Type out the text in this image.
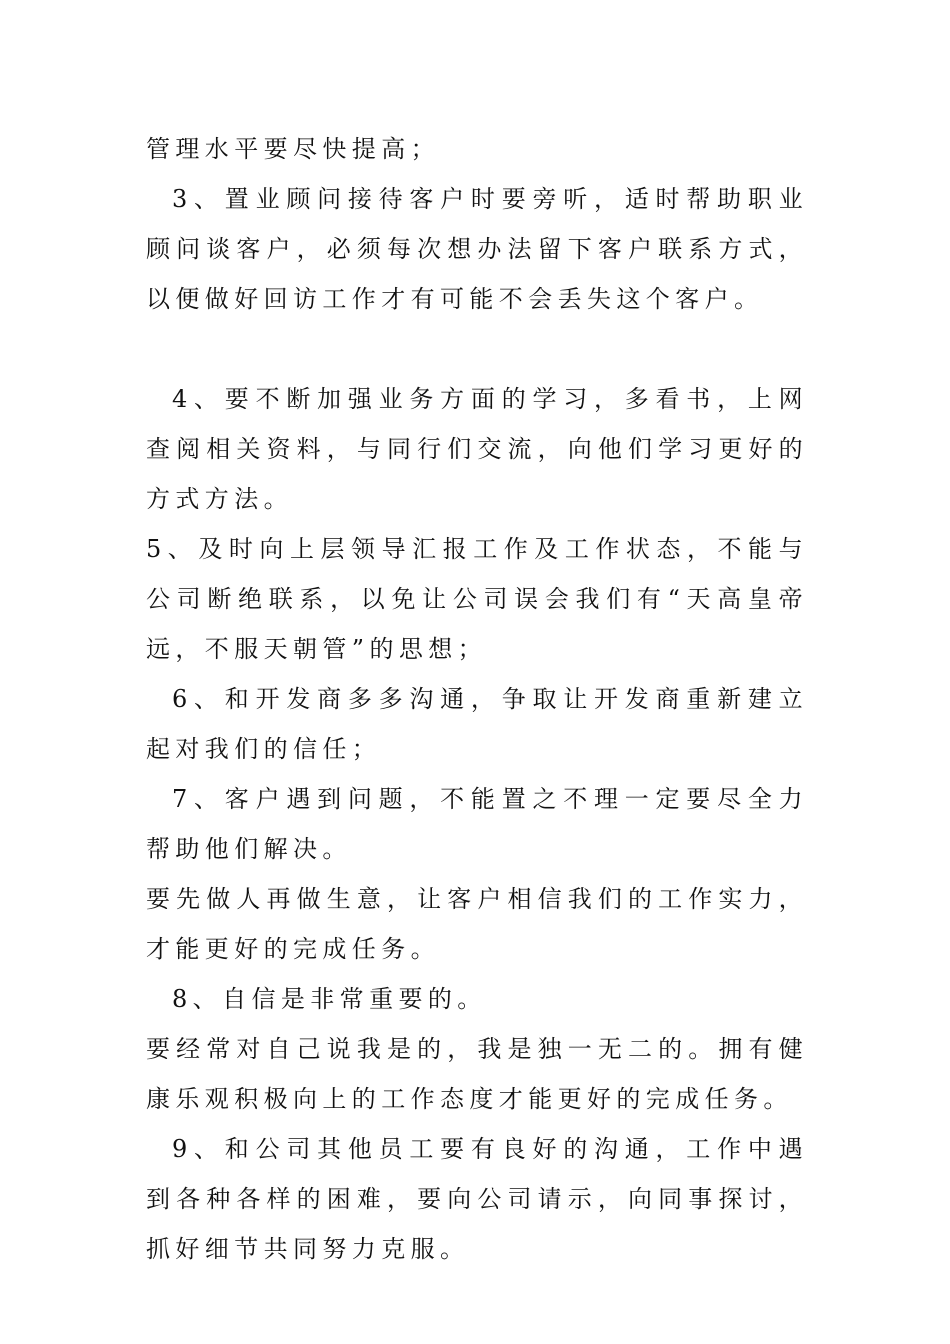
管理水平要尽快提高；

3、置业顾问接待客户时要旁听，适时帮助职业顾问谈客户，必须每次想办法留下客户联系方式，以便做好回访工作才有可能不会丢失这个客户。

4、要不断加强业务方面的学习，多看书，上网查阅相关资料，与同行们交流，向他们学习更好的方式方法。

5、及时向上层领导汇报工作及工作状态，不能与公司断绝联系，以免让公司误会我们有“天高皇帝远，不服天朝管”的思想；

6、和开发商多多沟通，争取让开发商重新建立起对我们的信任；

7、客户遇到问题，不能置之不理一定要尽全力帮助他们解决。

要先做人再做生意，让客户相信我们的工作实力，才能更好的完成任务。

8、自信是非常重要的。

要经常对自己说我是的，我是独一无二的。拥有健康乐观积极向上的工作态度才能更好的完成任务。

9、和公司其他员工要有良好的沟通，工作中遇到各种各样的困难，要向公司请示，向同事探讨，抓好细节共同努力克服。
